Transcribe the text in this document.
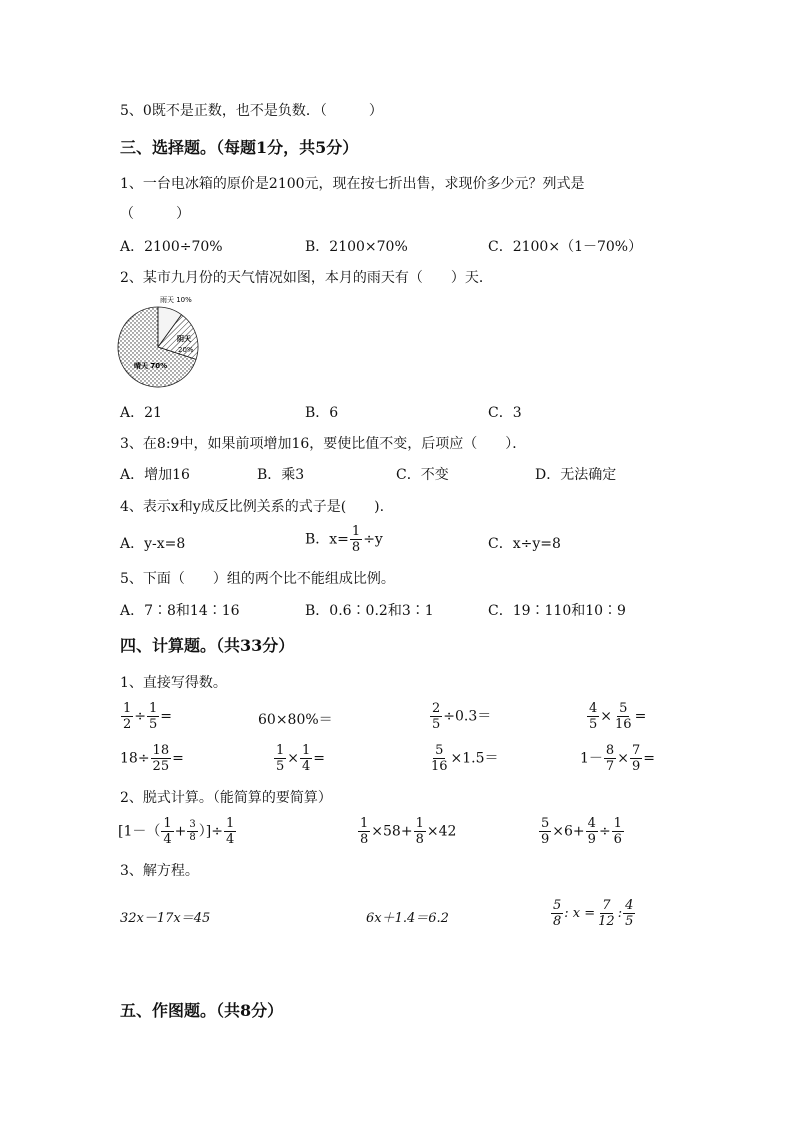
5、0既不是正数，也不是负数．（　　　）
三、选择题。（每题1分，共5分）
1、一台电冰箱的原价是2100元，现在按七折出售，求现价多少元？列式是
（　　　）
A．2100÷70%	B．2100×70%	C．2100×（1－70%）
2、某市九月份的天气情况如图，本月的雨天有（　　）天．
雨天 10%
阴天
20%
晴天 70%
A．21	B．6	C．3
3、在8:9中，如果前项增加16，要使比值不变，后项应（　　）．
A．增加16	B．乘3	C．不变	D．无法确定
4、表示x和y成反比例关系的式子是(　　).
A．y-x=8	B．$x= \frac{1}{8} \div y$	C．x÷y=8
5、下面（　　）组的两个比不能组成比例。
A．7∶8和14∶16	B．0.6∶0.2和3∶1	C．19∶110和10∶9
四、计算题。（共33分）
1、直接写得数。
$\frac{1}{2} \div \frac{1}{5}$ =	60×80%＝	$\frac{2}{5} \div 0.3=$	$\frac{4}{5} \times \frac{5}{16}$ =
$18\div \frac{18}{25}$ =	$\frac{1}{5} \times \frac{1}{4}$ =	$\frac{5}{16} \times 1.5=$	$1- \frac{8}{7} \times \frac{7}{9}$ =
2、脱式计算。（能简算的要简算）
[$1-( \frac{1}{4} + \frac{3}{8}$ ）]÷ $\frac{1}{4}$	$\frac{1}{8} \times 58+ \frac{1}{8} \times 42$	$\frac{5}{9} \times 6+ \frac{4}{9} \div \frac{1}{6}$
3、解方程。
32x－17x＝45	6x＋1.4＝6.2	$\frac{5}{8}$ : $x = \frac{7}{12}$ : $\frac{4}{5}$
五、作图题。（共8分）
